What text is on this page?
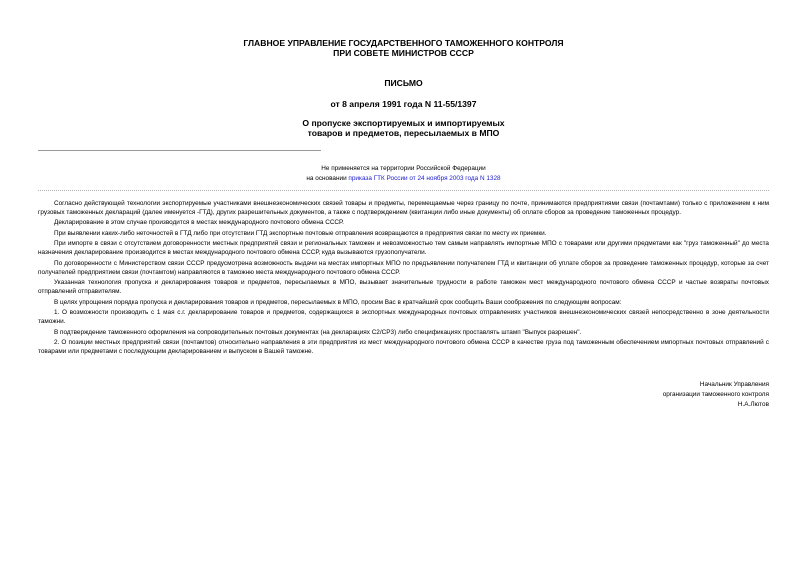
ГЛАВНОЕ УПРАВЛЕНИЕ ГОСУДАРСТВЕННОГО ТАМОЖЕННОГО КОНТРОЛЯ
ПРИ СОВЕТЕ МИНИСТРОВ СССР
ПИСЬМО
от 8 апреля 1991 года N 11-55/1397
О пропуске экспортируемых и импортируемых
товаров и предметов, пересылаемых в МПО
Не применяется на территории Российской Федерации
на основании приказа ГТК России от 24 ноября 2003 года N 1328

Согласно действующей технологии экспортируемые участниками внешнеэкономических связей товары и предметы, перемещаемые через границу по почте, принимаются предприятиями связи (почтамтами) только с приложением к ним грузовых таможенных деклараций (далее именуется -ГТД), других разрешительных документов, а также с подтверждением (квитанции либо иные документы) об оплате сборов за проведение таможенных процедур.

Декларирование в этом случае производится в местах международного почтового обмена СССР.

При выявлении каких-либо неточностей в ГТД либо при отсутствии ГТД экспортные почтовые отправления возвращаются в предприятия связи по месту их приемки.

При импорте в связи с отсутствием договоренности местных предприятий связи и региональных таможен и невозможностью тем самым направлять импортные МПО с товарами или другими предметами как "груз таможенный" до места назначения декларирование производится в местах международного почтового обмена СССР, куда вызываются грузополучатели.

По договоренности с Министерством связи СССР предусмотрена возможность выдачи на местах импортных МПО по предъявлении получателем ГТД и квитанции об уплате сборов за проведение таможенных процедур, которые за счет получателей предприятием связи (почтамтом) направляются в таможню места международного почтового обмена СССР.

Указанная технология пропуска и декларирования товаров и предметов, пересылаемых в МПО, вызывает значительные трудности в работе таможен мест международного почтового обмена СССР и частые возвраты почтовых отправлений отправителям.

В целях упрощения порядка пропуска и декларирования товаров и предметов, пересылаемых в МПО, просим Вас в кратчайший срок сообщить Ваши соображения по следующим вопросам:

1. О возможности производить с 1 мая с.г. декларирование товаров и предметов, содержащихся в экспортных международных почтовых отправлениях участников внешнеэкономических связей непосредственно в зоне деятельности таможни.

В подтверждение таможенного оформления на сопроводительных почтовых документах (на декларациях С2/СР3) либо спецификациях проставлять штамп "Выпуск разрешен".

2. О позиции местных предприятий связи (почтамтов) относительно направления в эти предприятия из мест международного почтового обмена СССР в качестве груза под таможенным обеспечением импортных почтовых отправлений с товарами или предметами с последующим декларированием и выпуском в Вашей таможне.

Начальник Управления
организации таможенного контроля
Н.А.Лютов
